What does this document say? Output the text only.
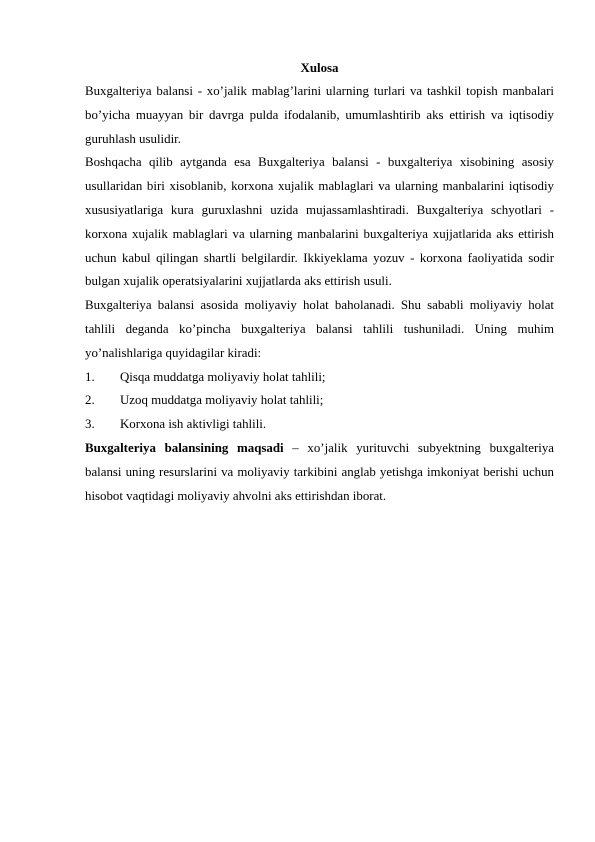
Xulosa

Buxgalteriya balansi - xo’jalik mablag’larini ularning turlari va tashkil topish manbalari bo’yicha muayyan bir davrga pulda ifodalanib, umumlashtirib aks ettirish va iqtisodiy guruhlash usulidir.

Boshqacha qilib aytganda esa Buxgalteriya balansi - buxgalteriya xisobining asosiy usullaridan biri xisoblanib, korxona xujalik mablaglari va ularning manbalarini iqtisodiy xususiyatlariga kura guruxlashni uzida mujassamlashtiradi. Buxgalteriya schyotlari - korxona xujalik mablaglari va ularning manbalarini buxgalteriya xujjatlarida aks ettirish uchun kabul qilingan shartli belgilardir. Ikkiyeklama yozuv - korxona faoliyatida sodir bulgan xujalik operatsiyalarini xujjatlarda aks ettirish usuli.

Buxgalteriya balansi asosida moliyaviy holat baholanadi. Shu sababli moliyaviy holat tahlili deganda ko’pincha buxgalteriya balansi tahlili tushuniladi. Uning muhim yo’nalishlariga quyidagilar kiradi:

1.	Qisqa muddatga moliyaviy holat tahlili;
2.	Uzoq muddatga moliyaviy holat tahlili;
3.	Korxona ish aktivligi tahlili.

Buxgalteriya balansining maqsadi – xo’jalik yurituvchi subyektning buxgalteriya balansi uning resurslarini va moliyaviy tarkibini anglab yetishga imkoniyat berishi uchun hisobot vaqtidagi moliyaviy ahvolni aks ettirishdan iborat.
